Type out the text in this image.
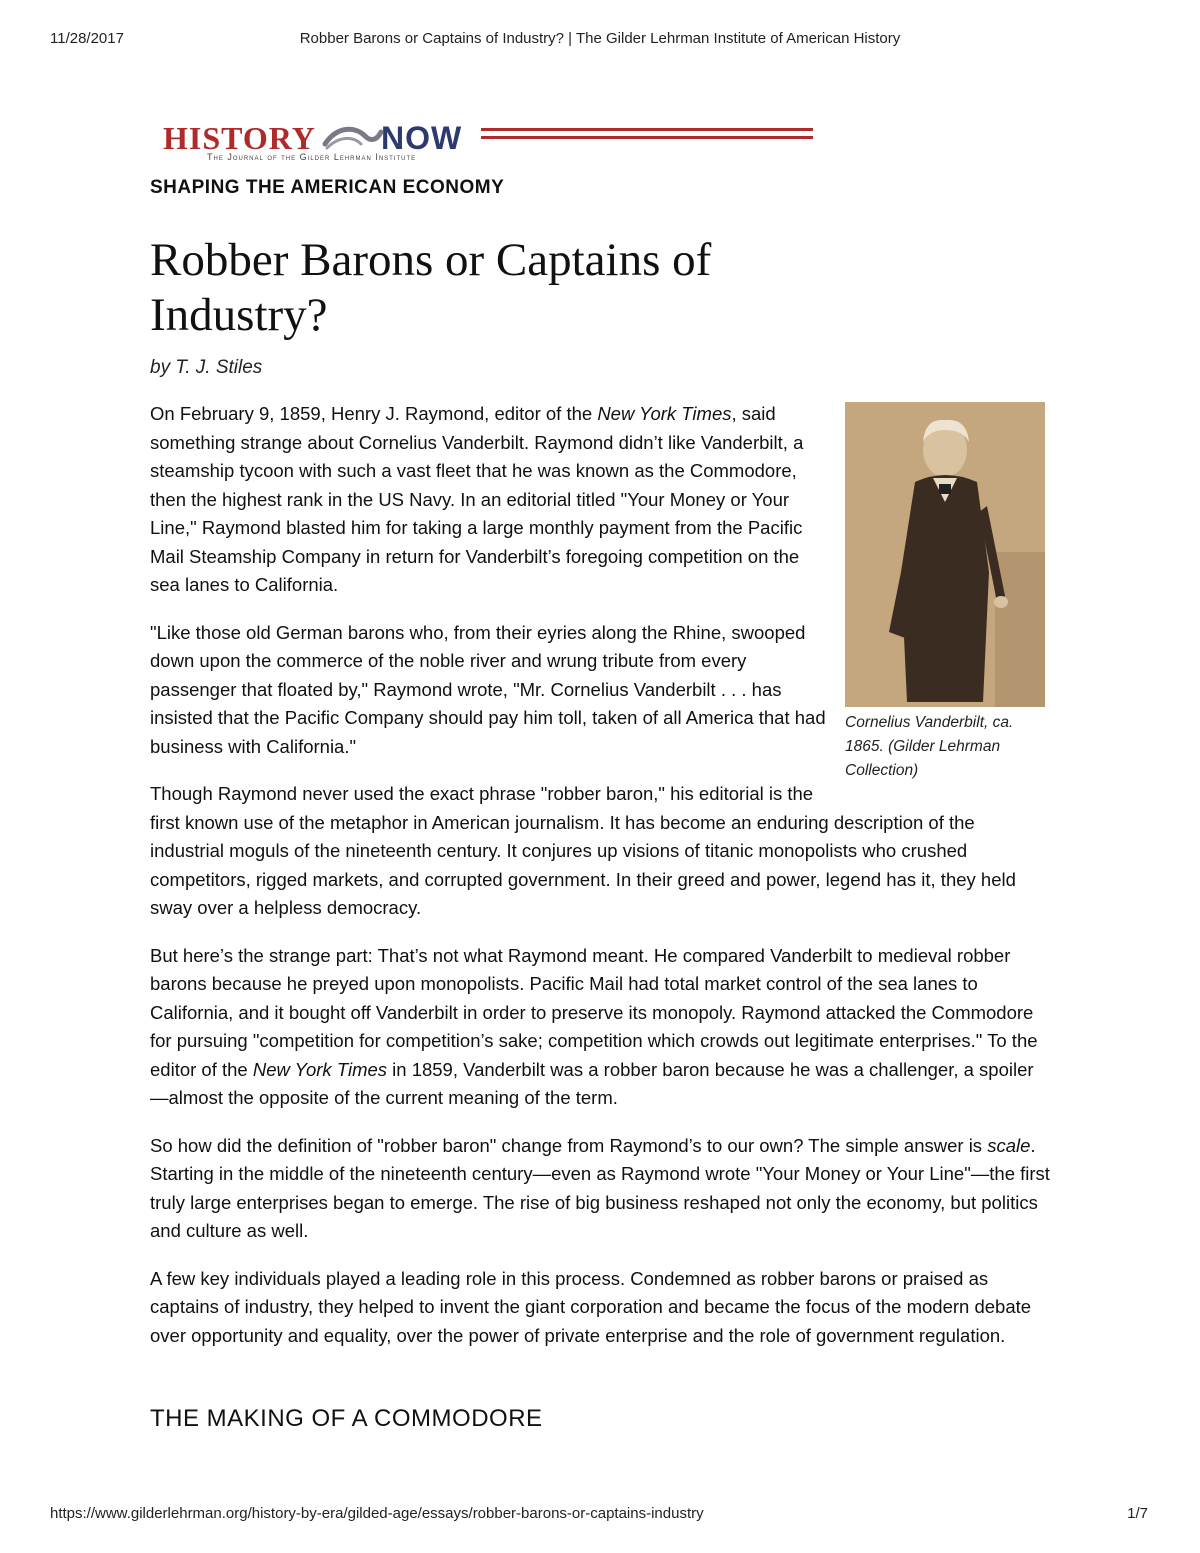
11/28/2017	Robber Barons or Captains of Industry? | The Gilder Lehrman Institute of American History
HISTORY NOW
The Journal of the Gilder Lehrman Institute
SHAPING THE AMERICAN ECONOMY
Robber Barons or Captains of Industry?
by T. J. Stiles
Cornelius Vanderbilt, ca. 1865. (Gilder Lehrman Collection)

On February 9, 1859, Henry J. Raymond, editor of the New York Times, said something strange about Cornelius Vanderbilt. Raymond didn’t like Vanderbilt, a steamship tycoon with such a vast fleet that he was known as the Commodore, then the highest rank in the US Navy. In an editorial titled "Your Money or Your Line," Raymond blasted him for taking a large monthly payment from the Pacific Mail Steamship Company in return for Vanderbilt’s foregoing competition on the sea lanes to California.

"Like those old German barons who, from their eyries along the Rhine, swooped down upon the commerce of the noble river and wrung tribute from every passenger that floated by," Raymond wrote, "Mr. Cornelius Vanderbilt . . . has insisted that the Pacific Company should pay him toll, taken of all America that had business with California."

Though Raymond never used the exact phrase "robber baron," his editorial is the first known use of the metaphor in American journalism. It has become an enduring description of the industrial moguls of the nineteenth century. It conjures up visions of titanic monopolists who crushed competitors, rigged markets, and corrupted government. In their greed and power, legend has it, they held sway over a helpless democracy.

But here’s the strange part: That’s not what Raymond meant. He compared Vanderbilt to medieval robber barons because he preyed upon monopolists. Pacific Mail had total market control of the sea lanes to California, and it bought off Vanderbilt in order to preserve its monopoly. Raymond attacked the Commodore for pursuing "competition for competition’s sake; competition which crowds out legitimate enterprises." To the editor of the New York Times in 1859, Vanderbilt was a robber baron because he was a challenger, a spoiler—almost the opposite of the current meaning of the term.

So how did the definition of "robber baron" change from Raymond’s to our own? The simple answer is scale. Starting in the middle of the nineteenth century—even as Raymond wrote "Your Money or Your Line"—the first truly large enterprises began to emerge. The rise of big business reshaped not only the economy, but politics and culture as well.

A few key individuals played a leading role in this process. Condemned as robber barons or praised as captains of industry, they helped to invent the giant corporation and became the focus of the modern debate over opportunity and equality, over the power of private enterprise and the role of government regulation.

THE MAKING OF A COMMODORE
https://www.gilderlehrman.org/history-by-era/gilded-age/essays/robber-barons-or-captains-industry	1/7
